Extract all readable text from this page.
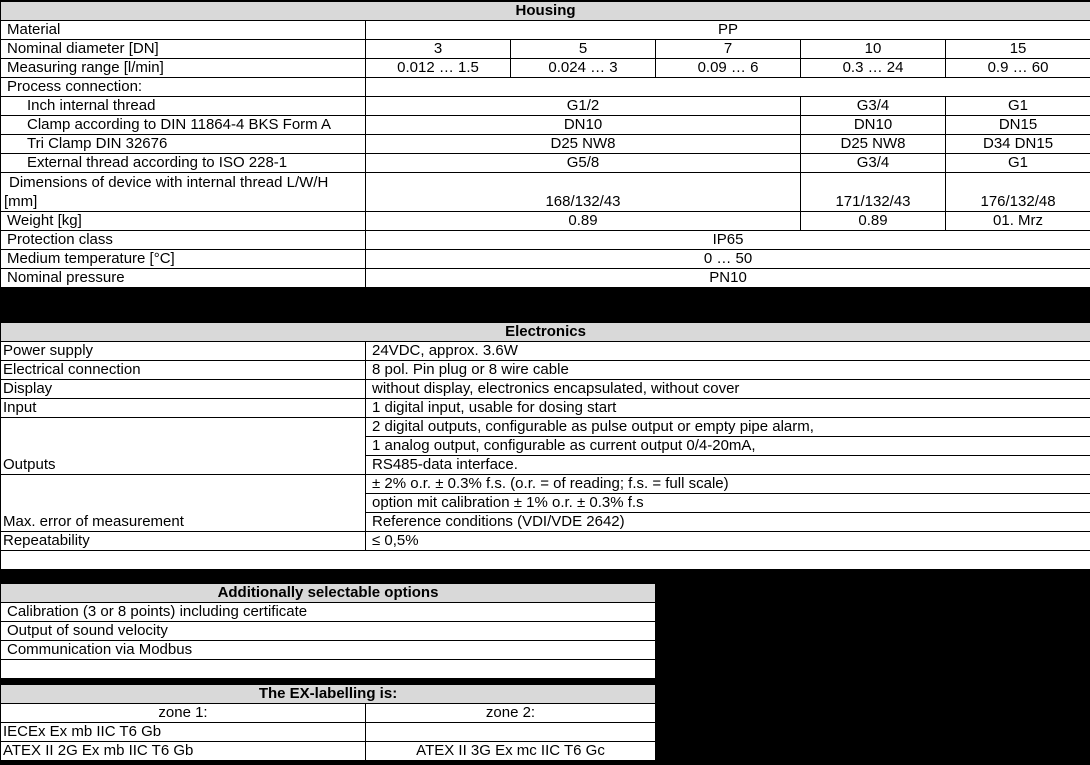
Housing					
Material	PP				
Nominal diameter [DN]	3	5	7	10	15
Measuring range [l/min]	0.012 … 1.5	0.024 … 3	0.09 … 6	0.3 … 24	0.9 … 60
Process connection:					
Inch internal thread	G1/2			G3/4	G1
Clamp according to DIN 11864-4 BKS Form A	DN10			DN10	DN15
Tri Clamp DIN 32676	D25 NW8			D25 NW8	D34 DN15
External thread according to ISO 228-1	G5/8			G3/4	G1

Dimensions of device with internal thread L/W/H
[mm]	168/132/43			171/132/43	176/132/48
Weight [kg]	0.89			0.89	01. Mrz
Protection class	IP65				
Medium temperature [°C]	0 … 50				
Nominal pressure	PN10				
Electronics	
Power supply	24VDC, approx. 3.6W
Electrical connection	8 pol. Pin plug or 8 wire cable
Display	without display, electronics encapsulated, without cover
Input	1 digital input, usable for dosing start
Outputs	2 digital outputs, configurable as pulse output or empty pipe alarm,
	1 analog output, configurable as current output 0/4-20mA,
	RS485-data interface.
Max. error of measurement	± 2% o.r. ± 0.3% f.s. (o.r. = of reading; f.s. = full scale)
	option mit calibration ± 1% o.r. ± 0.3% f.s
	Reference conditions (VDI/VDE 2642)
Repeatability	≤ 0,5%

Additionally selectable options
Calibration (3 or 8 points) including certificate
Output of sound velocity
Communication via Modbus

The EX-labelling is:	
zone 1:	zone 2:
IECEx Ex mb IIC T6 Gb	
ATEX II 2G Ex mb IIC T6 Gb	ATEX II 3G Ex mc IIC T6 Gc
